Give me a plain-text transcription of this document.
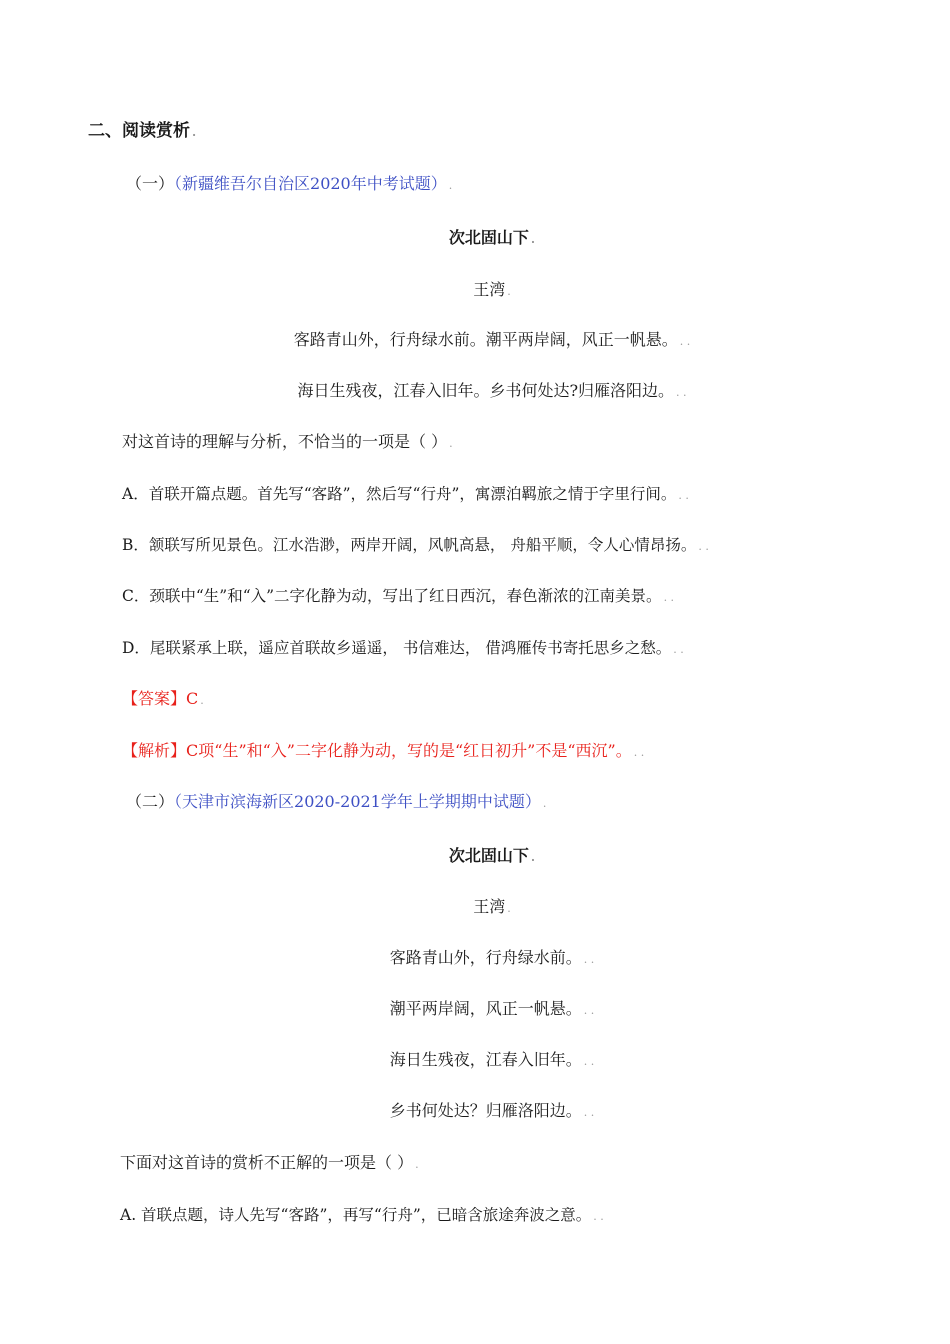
二、阅读赏析 .
（一）（新疆维吾尔自治区2020年中考试题） .
次北固山下 .
王湾 .
客路青山外，行舟绿水前。潮平两岸阔，风正一帆悬。 . .
海日生残夜，江春入旧年。乡书何处达?归雁洛阳边。 . .
对这首诗的理解与分析，不恰当的一项是（ ） .
A．首联开篇点题。首先写“客路”，然后写“行舟”，寓漂泊羁旅之情于字里行间。 . .
B．颔联写所见景色。江水浩渺，两岸开阔，风帆高悬， 舟船平顺，令人心情昂扬。 . .
C．颈联中“生”和“入”二字化静为动，写出了红日西沉，春色渐浓的江南美景。 . .
D．尾联紧承上联，遥应首联故乡遥遥， 书信难达， 借鸿雁传书寄托思乡之愁。 . .
【答案】C .
【解析】C项“生”和“入”二字化静为动，写的是“红日初升”不是“西沉”。 . .
（二）（天津市滨海新区2020-2021学年上学期期中试题） .
次北固山下 .
王湾 .
客路青山外，行舟绿水前。 . .
潮平两岸阔，风正一帆悬。 . .
海日生残夜，江春入旧年。 . .
乡书何处达？归雁洛阳边。 . .
下面对这首诗的赏析不正解的一项是（ ） .
A. 首联点题，诗人先写“客路”，再写“行舟”，已暗含旅途奔波之意。 . .
